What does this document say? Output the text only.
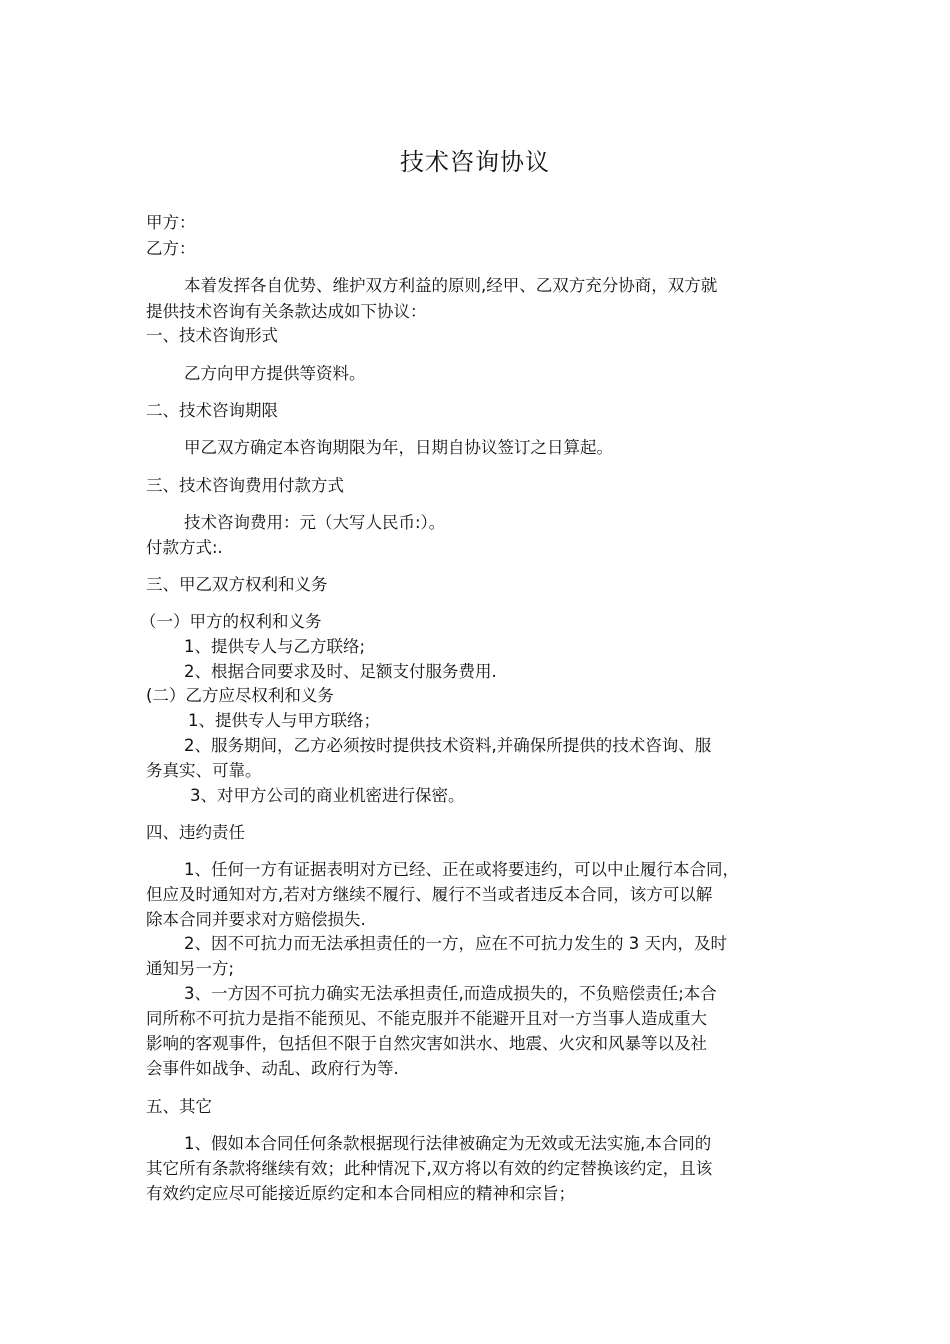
技术咨询协议
甲方：
乙方：
本着发挥各自优势、维护双方利益的原则,经甲、乙双方充分协商，双方就
提供技术咨询有关条款达成如下协议：
一、技术咨询形式
乙方向甲方提供等资料。
二、技术咨询期限
甲乙双方确定本咨询期限为年，日期自协议签订之日算起。
三、技术咨询费用付款方式
技术咨询费用：元（大写人民币:）。
付款方式:.
三、甲乙双方权利和义务
（一）甲方的权利和义务
1、提供专人与乙方联络;
2、根据合同要求及时、足额支付服务费用.
(二）乙方应尽权利和义务
1、提供专人与甲方联络；
2、服务期间，乙方必须按时提供技术资料,并确保所提供的技术咨询、服
务真实、可靠。
3、对甲方公司的商业机密进行保密。
四、违约责任
1、任何一方有证据表明对方已经、正在或将要违约，可以中止履行本合同，
但应及时通知对方,若对方继续不履行、履行不当或者违反本合同，该方可以解
除本合同并要求对方赔偿损失.
2、因不可抗力而无法承担责任的一方，应在不可抗力发生的 3 天内，及时
通知另一方;
3、一方因不可抗力确实无法承担责任,而造成损失的，不负赔偿责任;本合
同所称不可抗力是指不能预见、不能克服并不能避开且对一方当事人造成重大
影响的客观事件，包括但不限于自然灾害如洪水、地震、火灾和风暴等以及社
会事件如战争、动乱、政府行为等.
五、其它
1、假如本合同任何条款根据现行法律被确定为无效或无法实施,本合同的
其它所有条款将继续有效；此种情况下,双方将以有效的约定替换该约定，且该
有效约定应尽可能接近原约定和本合同相应的精神和宗旨；
